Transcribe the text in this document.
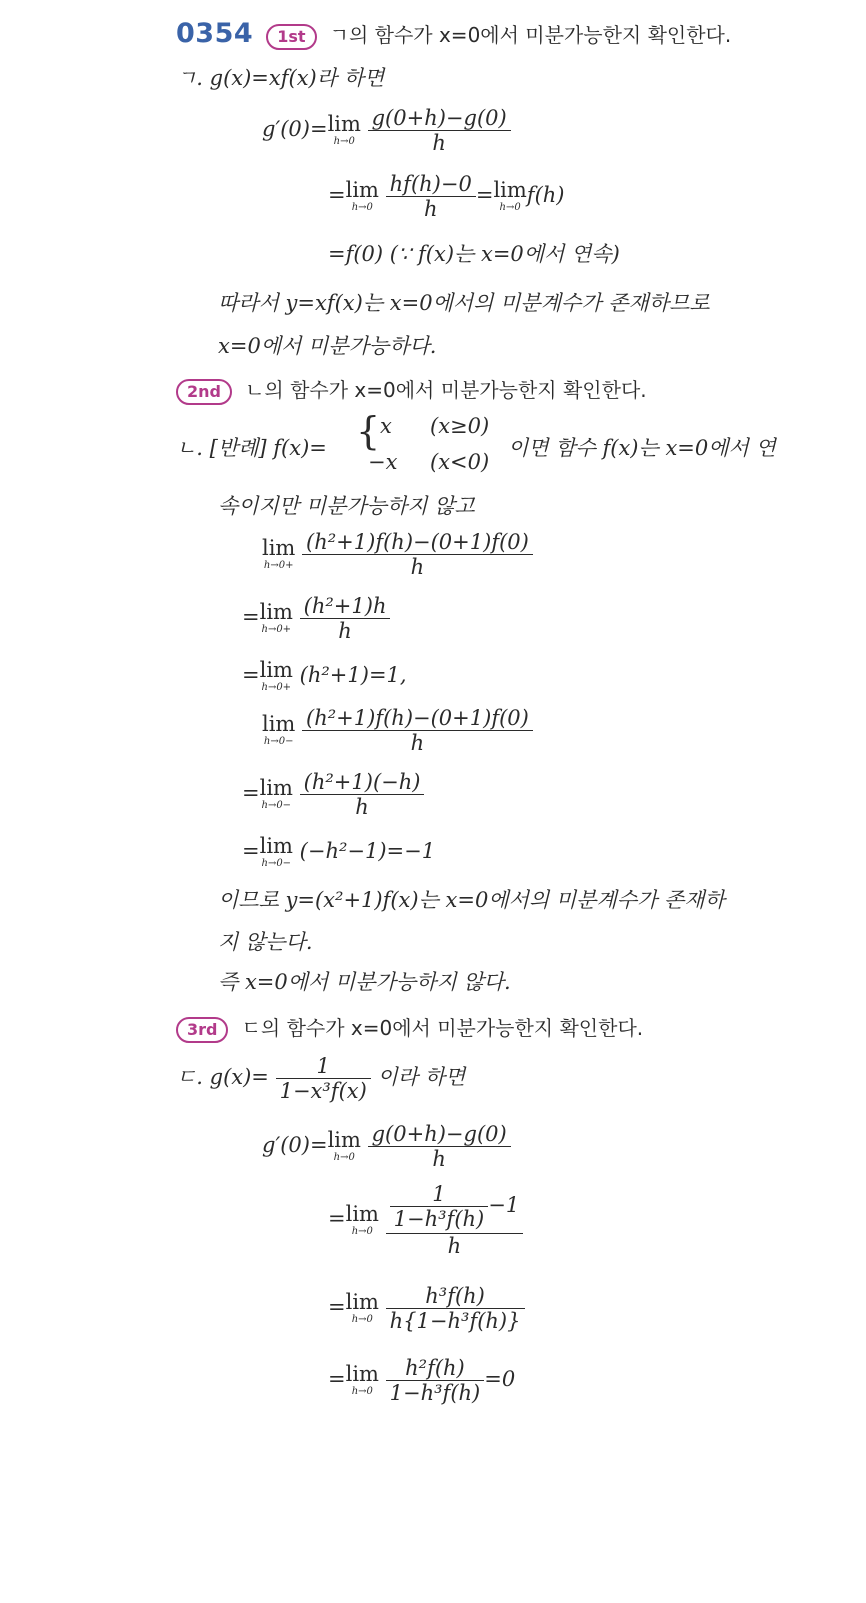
0354 1st ㄱ의 함수가 x=0에서 미분가능한지 확인한다.
ㄱ. g(x)=xf(x)라 하면
g′(0)=lim
h→0
$\frac{g(0+h)-g(0)}{h}$
=lim
h→0
$\frac{hf(h)-0}{h} =\lim$
h→0
f(h)
=f(0) (∵ f(x)는 x=0에서 연속)
따라서 y=xf(x)는 x=0에서의 미분계수가 존재하므로
x=0에서 미분가능하다.
2nd ㄴ의 함수가 x=0에서 미분가능한지 확인한다.
ㄴ. [반례] f(x)= { x (x≥0)
−x (x<0)
이면 함수 f(x)는 x=0에서 연
속이지만 미분가능하지 않고
lim
h→0+
$\frac{\text{(h²+1)f(h)−(0+1)f(0)}}{h}$
=lim
h→0+
$\frac{\text{(h²+1)h}}{h}$
=lim
h→0+
(h²+1)=1,
lim
h→0−
$\frac{\text{(h²+1)f(h)−(0+1)f(0)}}{h}$
=lim
h→0−
$\frac{\text{(h²+1)(−h)}}{h}$
=lim
h→0−
(−h²−1)=−1
이므로 y=(x²+1)f(x)는 x=0에서의 미분계수가 존재하
지 않는다.
즉 x=0에서 미분가능하지 않다.
3rd ㄷ의 함수가 x=0에서 미분가능한지 확인한다.
ㄷ. $g(x)= \frac{1}{\text{1−x³f(x)}}$ 이라 하면
g′(0)=lim
h→0
$\frac{g(0+h)-g(0)}{h}$
=lim
h→0
$\frac{\frac{1}{\text{1−h³f(h)}} -1}{h}$
=lim
h→0
$\frac{\text{h³f(h)}}{\text{h\{1−h³f(h)\}}}$
=lim
h→0
$\frac{\text{h²f(h)}}{\text{1−h³f(h)}} =0$
